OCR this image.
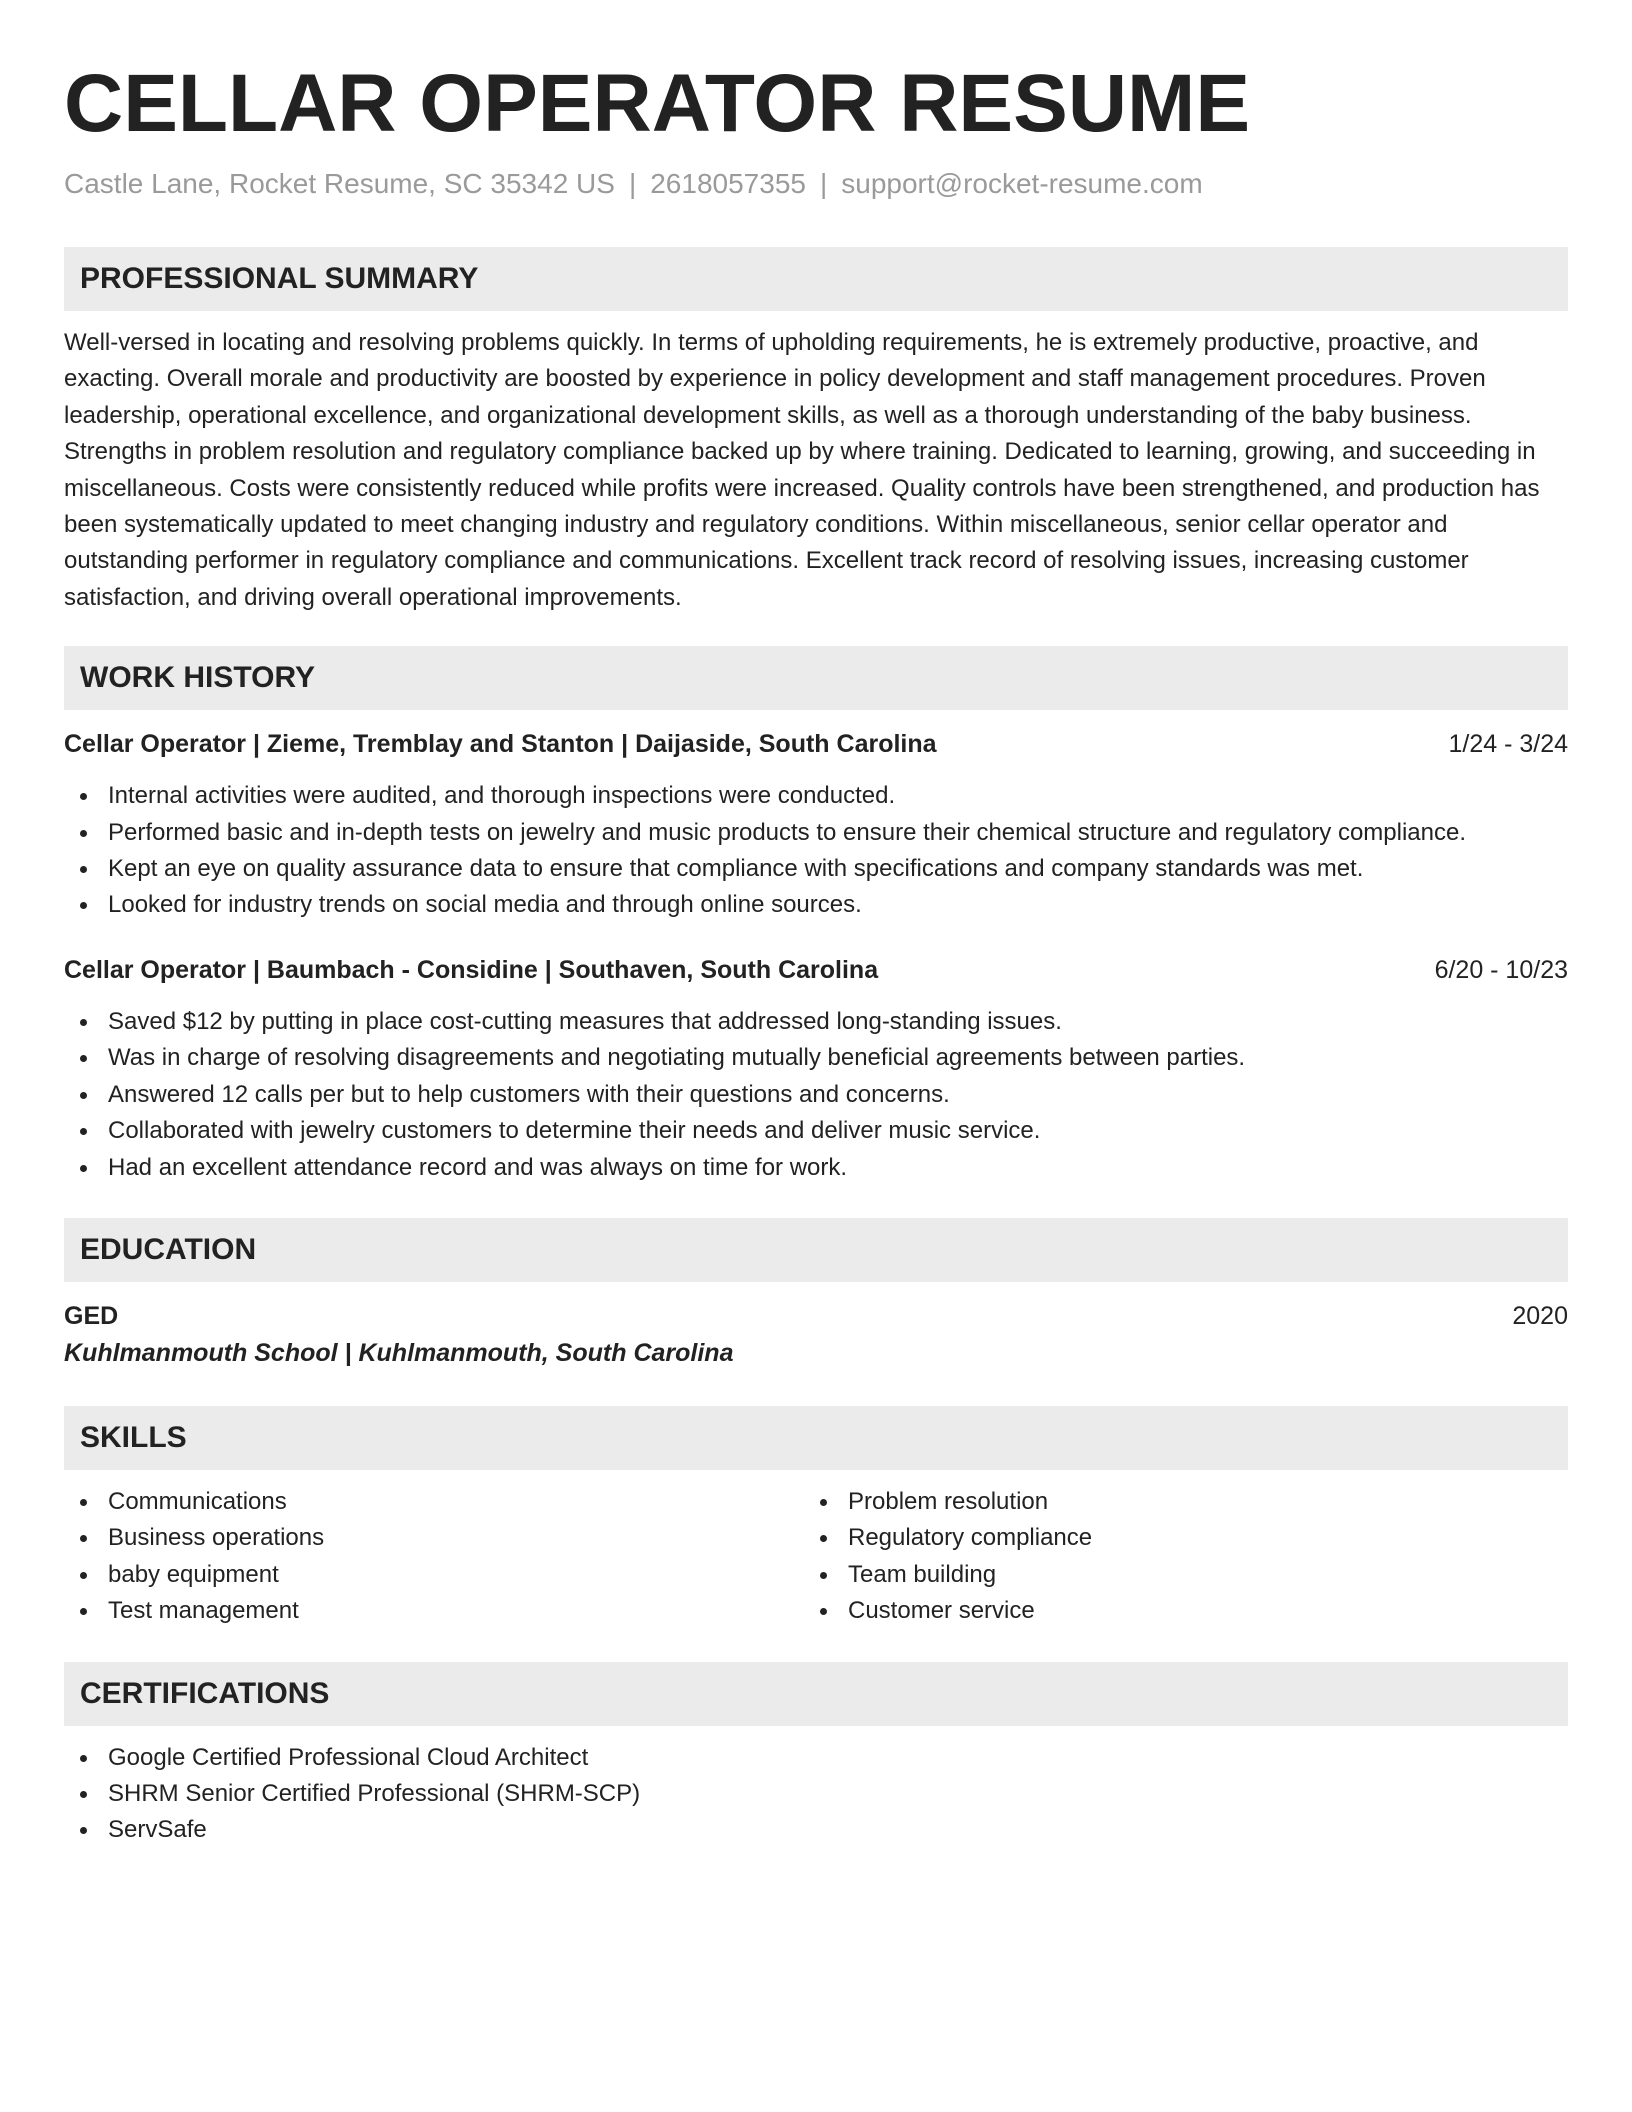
CELLAR OPERATOR RESUME
Castle Lane, Rocket Resume, SC 35342 US | 2618057355 | support@rocket-resume.com
PROFESSIONAL SUMMARY
Well-versed in locating and resolving problems quickly. In terms of upholding requirements, he is extremely productive, proactive, and exacting. Overall morale and productivity are boosted by experience in policy development and staff management procedures. Proven leadership, operational excellence, and organizational development skills, as well as a thorough understanding of the baby business. Strengths in problem resolution and regulatory compliance backed up by where training. Dedicated to learning, growing, and succeeding in miscellaneous. Costs were consistently reduced while profits were increased. Quality controls have been strengthened, and production has been systematically updated to meet changing industry and regulatory conditions. Within miscellaneous, senior cellar operator and outstanding performer in regulatory compliance and communications. Excellent track record of resolving issues, increasing customer satisfaction, and driving overall operational improvements.
WORK HISTORY
Cellar Operator | Zieme, Tremblay and Stanton | Daijaside, South Carolina	1/24 - 3/24
Internal activities were audited, and thorough inspections were conducted.
Performed basic and in-depth tests on jewelry and music products to ensure their chemical structure and regulatory compliance.
Kept an eye on quality assurance data to ensure that compliance with specifications and company standards was met.
Looked for industry trends on social media and through online sources.
Cellar Operator | Baumbach - Considine | Southaven, South Carolina	6/20 - 10/23
Saved $12 by putting in place cost-cutting measures that addressed long-standing issues.
Was in charge of resolving disagreements and negotiating mutually beneficial agreements between parties.
Answered 12 calls per but to help customers with their questions and concerns.
Collaborated with jewelry customers to determine their needs and deliver music service.
Had an excellent attendance record and was always on time for work.
EDUCATION
GED	2020
Kuhlmanmouth School | Kuhlmanmouth, South Carolina
SKILLS
Communications
Business operations
baby equipment
Test management
Problem resolution
Regulatory compliance
Team building
Customer service
CERTIFICATIONS
Google Certified Professional Cloud Architect
SHRM Senior Certified Professional (SHRM-SCP)
ServSafe
